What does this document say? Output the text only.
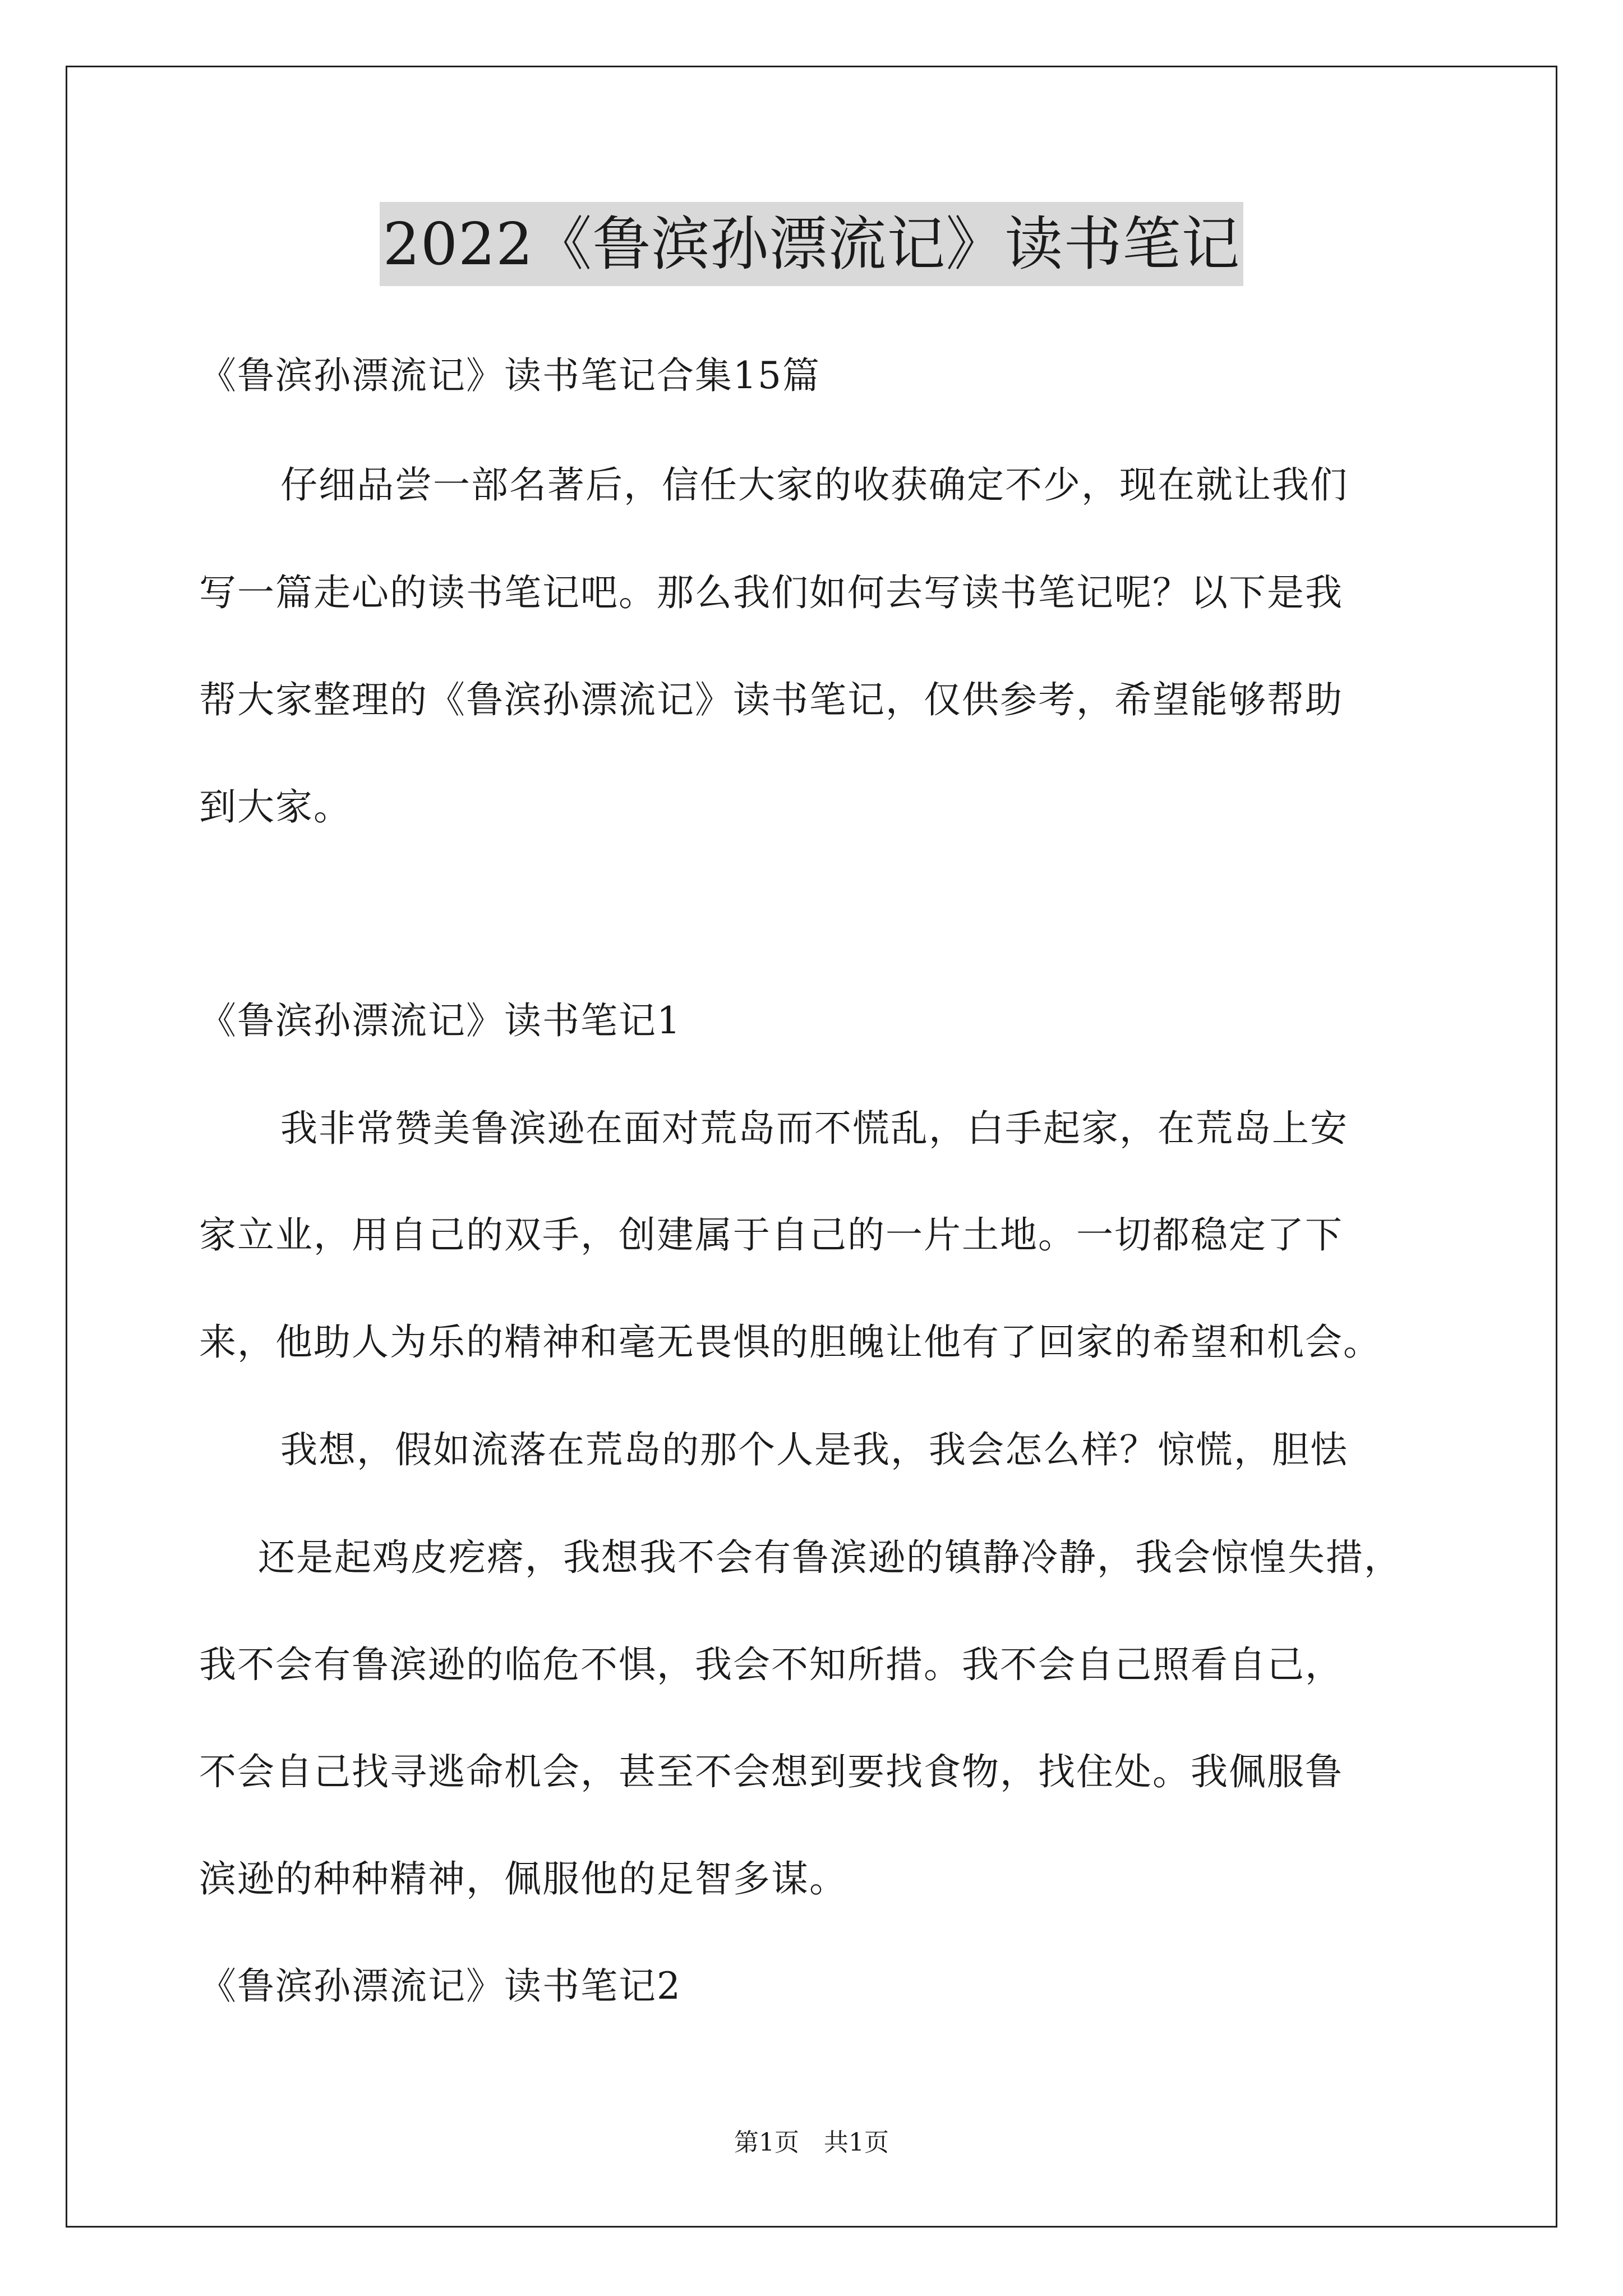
2022《鲁滨孙漂流记》读书笔记
《鲁滨孙漂流记》读书笔记合集15篇
仔细品尝一部名著后，信任大家的收获确定不少，现在就让我们
写一篇走心的读书笔记吧。那么我们如何去写读书笔记呢？以下是我
帮大家整理的《鲁滨孙漂流记》读书笔记，仅供参考，希望能够帮助
到大家。
《鲁滨孙漂流记》读书笔记1
我非常赞美鲁滨逊在面对荒岛而不慌乱，白手起家，在荒岛上安
家立业，用自己的双手，创建属于自己的一片土地。一切都稳定了下
来，他助人为乐的精神和毫无畏惧的胆魄让他有了回家的希望和机会。
我想，假如流落在荒岛的那个人是我，我会怎么样？惊慌，胆怯
还是起鸡皮疙瘩，我想我不会有鲁滨逊的镇静冷静，我会惊惶失措，
我不会有鲁滨逊的临危不惧，我会不知所措。我不会自己照看自己，
不会自己找寻逃命机会，甚至不会想到要找食物，找住处。我佩服鲁
滨逊的种种精神，佩服他的足智多谋。
《鲁滨孙漂流记》读书笔记2
第1页　共1页
